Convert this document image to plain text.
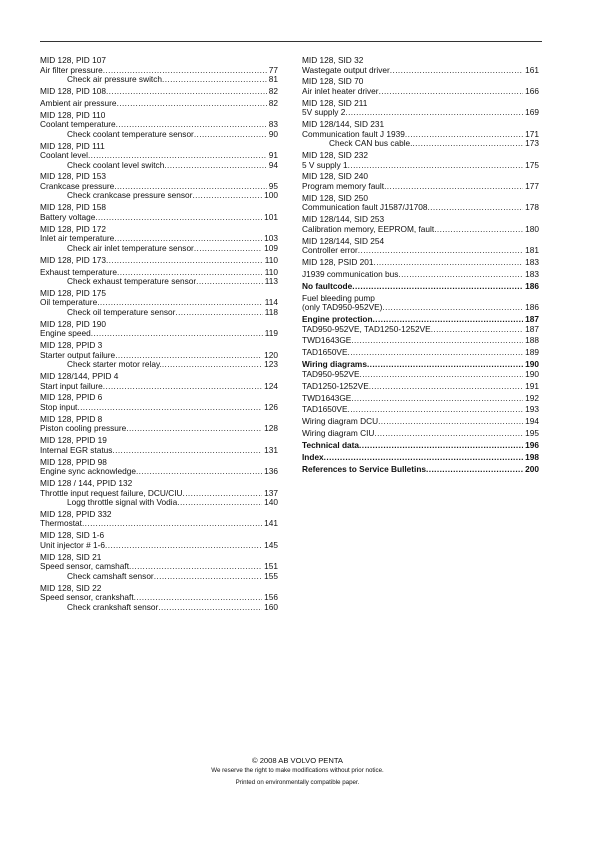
MID 128, PID 107
Air filter pressure .....	77
Check air pressure switch .....	81
MID 128, PID 108 .....	82
Ambient air pressure .....	82
MID 128, PID 110
Coolant temperature .....	83
Check coolant temperature sensor .....	90
MID 128, PID 111
Coolant level .....	91
Check coolant level switch .....	94
MID 128, PID 153
Crankcase pressure .....	95
Check crankcase pressure sensor .....	100
MID 128, PID 158
Battery voltage .....	101
MID 128, PID 172
Inlet air temperature .....	103
Check air inlet temperature sensor .....	109
MID 128, PID 173 .....	110
Exhaust temperature .....	110
Check exhaust temperature sensor .....	113
MID 128, PID 175
Oil temperature .....	114
Check oil temperature sensor .....	118
MID 128, PID 190
Engine speed .....	119
MID 128, PPID 3
Starter output failure .....	120
Check starter motor relay. .....	123
MID 128/144, PPID 4
Start input failure .....	124
MID 128, PPID 6
Stop input .....	126
MID 128, PPID 8
Piston cooling pressure .....	128
MID 128, PPID 19
Internal EGR status .....	131
MID 128, PPID 98
Engine sync acknowledge .....	136
MID 128 / 144, PPID 132
Throttle input request failure, DCU/CIU .....	137
Logg throttle signal with Vodia .....	140
MID 128, PPID 332
Thermostat .....	141
MID 128, SID 1-6
Unit injector # 1-6 .....	145
MID 128, SID 21
Speed sensor, camshaft .....	151
Check camshaft sensor .....	155
MID 128, SID 22
Speed sensor, crankshaft .....	156
Check crankshaft sensor .....	160
MID 128, SID 32
Wastegate output driver .....	161
MID 128, SID 70
Air inlet heater driver .....	166
MID 128, SID 211
5V supply 2 .....	169
MID 128/144, SID 231
Communication fault J 1939 .....	171
Check CAN bus cable. .....	173
MID 128, SID 232
5 V supply 1 .....	175
MID 128, SID 240
Program memory fault .....	177
MID 128, SID 250
Communication fault J1587/J1708 .....	178
MID 128/144, SID 253
Calibration memory, EEPROM, fault .....	180
MID 128/144, SID 254
Controller error .....	181
MID 128, PSID 201 .....	183
J1939 communication bus .....	183
No faultcode .....	186
Fuel bleeding pump
(only TAD950-952VE) .....	186
Engine protection .....	187
TAD950-952VE, TAD1250-1252VE .....	187
TWD1643GE .....	188
TAD1650VE .....	189
Wiring diagrams .....	190
TAD950-952VE .....	190
TAD1250-1252VE .....	191
TWD1643GE .....	192
TAD1650VE .....	193
Wiring diagram DCU .....	194
Wiring diagram CIU .....	195
Technical data .....	196
Index .....	198
References to Service Bulletins .....	200
© 2008 AB VOLVO PENTA
We reserve the right to make modifications without prior notice.
Printed on environmentally compatible paper.
